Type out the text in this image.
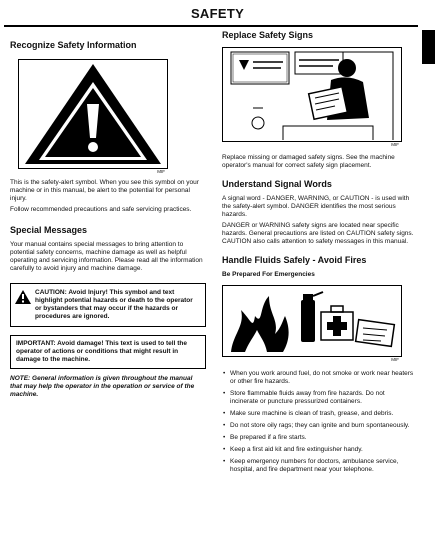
SAFETY
Recognize Safety Information
MIF

This is the safety-alert symbol. When you see this symbol on your machine or in this manual, be alert to the potential for personal injury.

Follow recommended precautions and safe servicing practices.

Special Messages

Your manual contains special messages to bring attention to potential safety concerns, machine damage as well as helpful operating and servicing information. Please read all the information carefully to avoid injury and machine damage.

CAUTION: Avoid Injury! This symbol and text highlight potential hazards or death to the operator or bystanders that may occur if the hazards or procedures are ignored.
IMPORTANT: Avoid damage! This text is used to tell the operator of actions or conditions that might result in damage to the machine.

NOTE: General information is given throughout the manual that may help the operator in the operation or service of the machine.

Replace Safety Signs
MIF

Replace missing or damaged safety signs. See the machine operator's manual for correct safety sign placement.

Understand Signal Words

A signal word - DANGER, WARNING, or CAUTION - is used with the safety-alert symbol. DANGER identifies the most serious hazards.

DANGER or WARNING safety signs are located near specific hazards. General precautions are listed on CAUTION safety signs. CAUTION also calls attention to safety messages in this manual.

Handle Fluids Safely - Avoid Fires

Be Prepared For Emergencies

MIF
• When you work around fuel, do not smoke or work near heaters or other fire hazards.
• Store flammable fluids away from fire hazards. Do not incinerate or puncture pressurized containers.
• Make sure machine is clean of trash, grease, and debris.
• Do not store oily rags; they can ignite and burn spontaneously.
• Be prepared if a fire starts.
• Keep a first aid kit and fire extinguisher handy.
• Keep emergency numbers for doctors, ambulance service, hospital, and fire department near your telephone.
